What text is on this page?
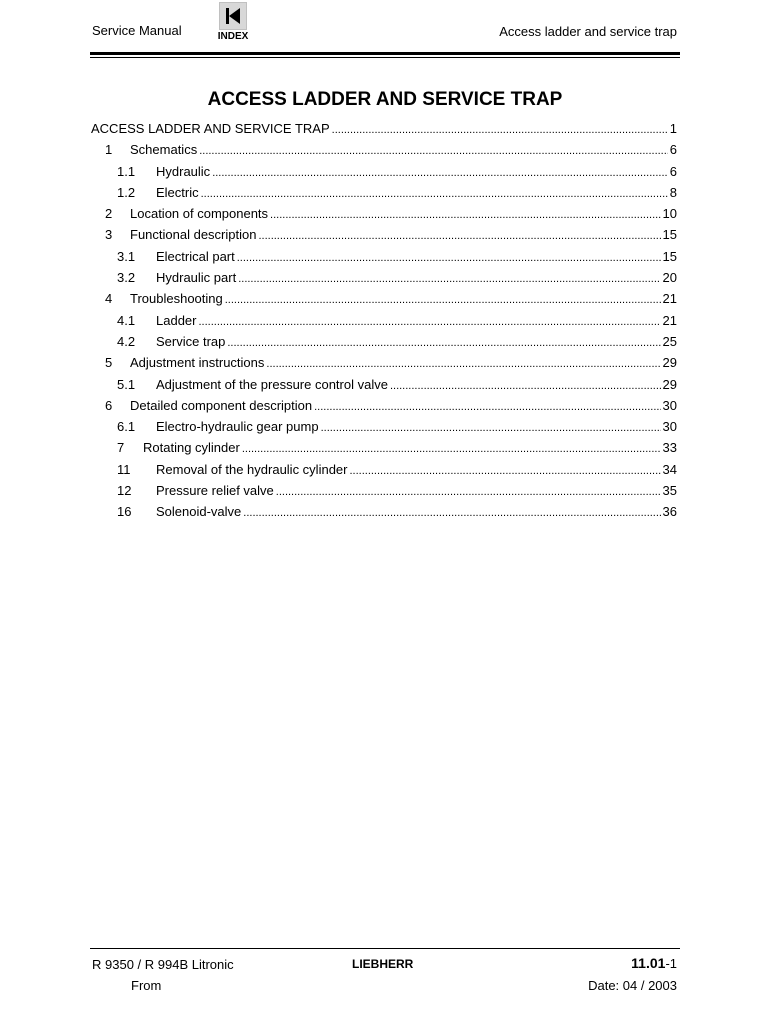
Service Manual	INDEX	Access ladder and service trap
ACCESS LADDER AND SERVICE TRAP
ACCESS LADDER AND SERVICE TRAP .....	1
1	Schematics .....	6
1.1	Hydraulic .....	6
1.2	Electric .....	8
2	Location of components .....	10
3	Functional description .....	15
3.1	Electrical part .....	15
3.2	Hydraulic part .....	20
4	Troubleshooting .....	21
4.1	Ladder .....	21
4.2	Service trap .....	25
5	Adjustment instructions .....	29
5.1	Adjustment of the pressure control valve .....	29
6	Detailed component description .....	30
6.1	Electro-hydraulic gear pump .....	30
7	Rotating cylinder .....	33
11	Removal of the hydraulic cylinder .....	34
12	Pressure relief valve .....	35
16	Solenoid-valve .....	36
R 9350 / R 994B Litronic	LIEBHERR	11.01-1
From	Date: 04 / 2003
